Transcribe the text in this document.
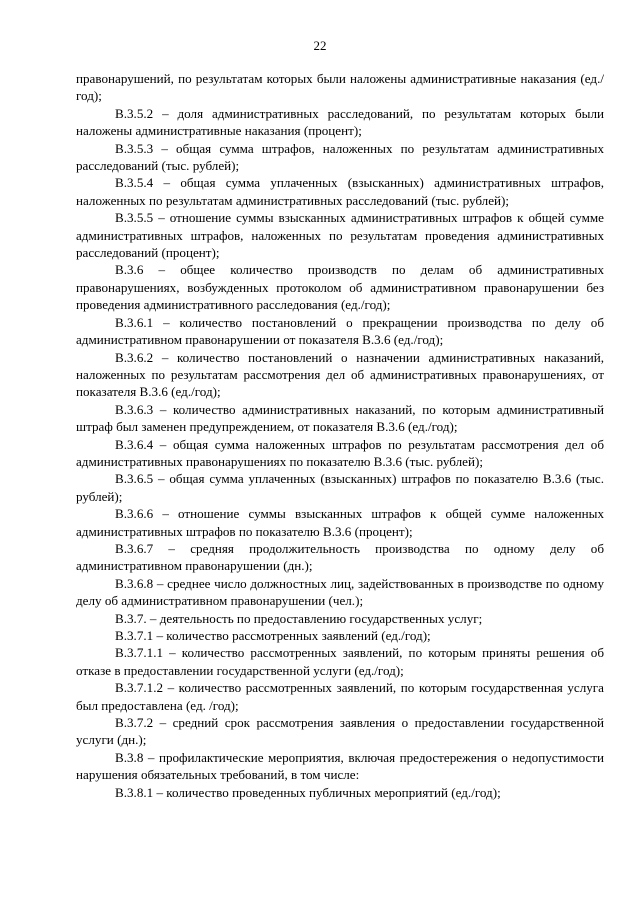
22

правонарушений, по результатам которых были наложены административные наказания (ед./год);

В.3.5.2 – доля административных расследований, по результатам которых были наложены административные наказания (процент);

В.3.5.3 – общая сумма штрафов, наложенных по результатам административных расследований (тыс. рублей);

В.3.5.4 – общая сумма уплаченных (взысканных) административных штрафов, наложенных по результатам административных расследований (тыс. рублей);

В.3.5.5 – отношение суммы взысканных административных штрафов к общей сумме административных штрафов, наложенных по результатам проведения административных расследований (процент);

В.3.6 – общее количество производств по делам об административных правонарушениях, возбужденных протоколом об административном правонарушении без проведения административного расследования (ед./год);

В.3.6.1 – количество постановлений о прекращении производства по делу об административном правонарушении от показателя В.3.6 (ед./год);

В.3.6.2 – количество постановлений о назначении административных наказаний, наложенных по результатам рассмотрения дел об административных правонарушениях, от показателя В.3.6 (ед./год);

В.3.6.3 – количество административных наказаний, по которым административный штраф был заменен предупреждением, от показателя В.3.6 (ед./год);

В.3.6.4 – общая сумма наложенных штрафов по результатам рассмотрения дел об административных правонарушениях по показателю В.3.6 (тыс. рублей);

В.3.6.5 – общая сумма уплаченных (взысканных) штрафов по показателю В.3.6 (тыс. рублей);

В.3.6.6 – отношение суммы взысканных штрафов к общей сумме наложенных административных штрафов по показателю В.3.6 (процент);

В.3.6.7 – средняя продолжительность производства по одному делу об административном правонарушении (дн.);

В.3.6.8 – среднее число должностных лиц, задействованных в производстве по одному делу об административном правонарушении (чел.);

В.3.7. – деятельность по предоставлению государственных услуг;

В.3.7.1 – количество рассмотренных заявлений (ед./год);

В.3.7.1.1 – количество рассмотренных заявлений, по которым приняты решения об отказе в предоставлении государственной услуги (ед./год);

В.3.7.1.2 – количество рассмотренных заявлений, по которым государственная услуга был предоставлена (ед. /год);

В.3.7.2 – средний срок рассмотрения заявления о предоставлении государственной услуги (дн.);

В.3.8 – профилактические мероприятия, включая предостережения о недопустимости нарушения обязательных требований, в том числе:

В.3.8.1 – количество проведенных публичных мероприятий (ед./год);
